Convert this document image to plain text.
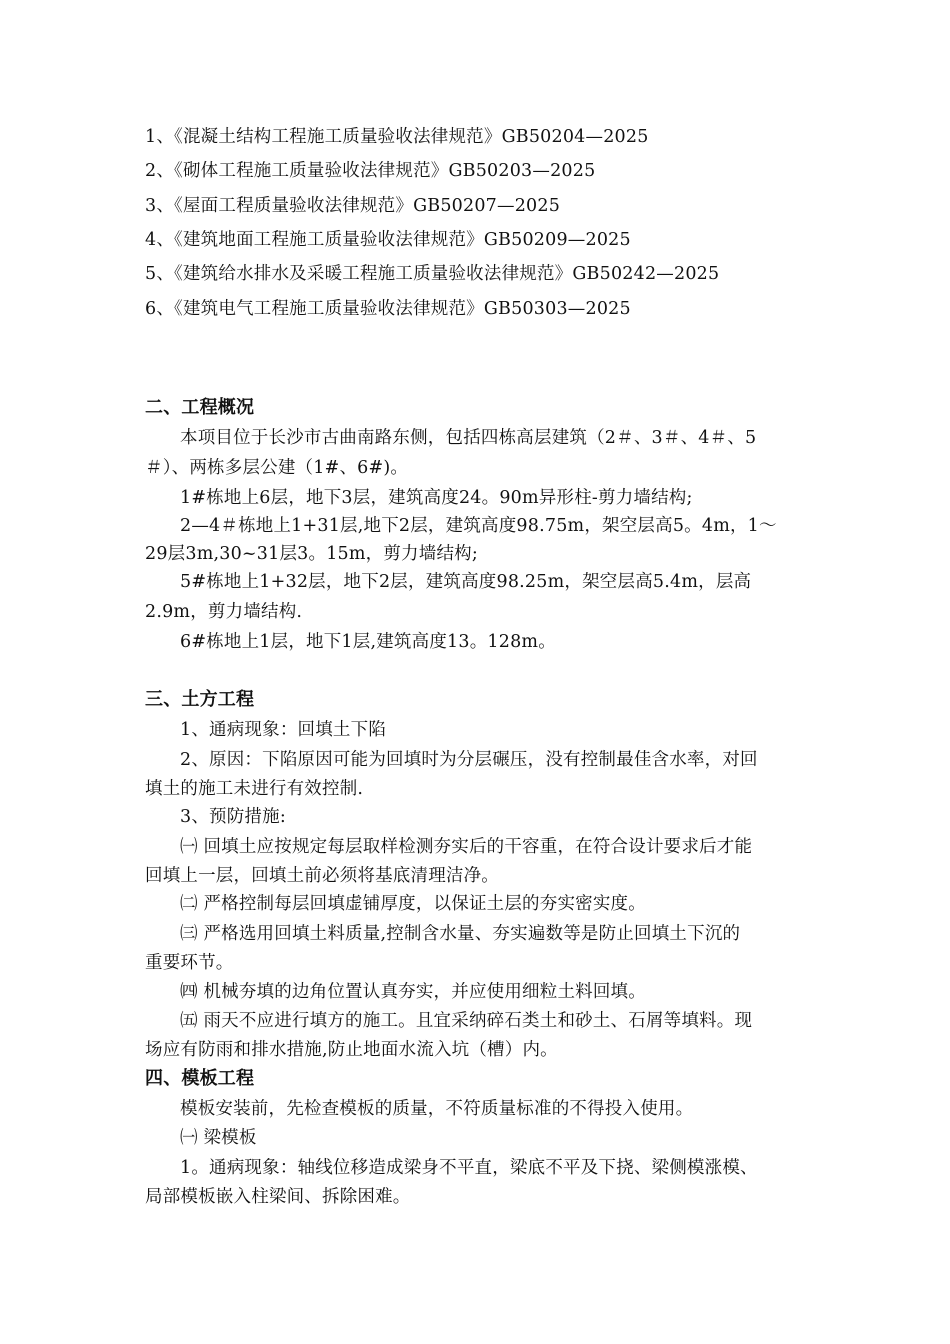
1、《混凝土结构工程施工质量验收法律规范》GB50204—2025
2、《砌体工程施工质量验收法律规范》GB50203—2025
3、《屋面工程质量验收法律规范》GB50207—2025
4、《建筑地面工程施工质量验收法律规范》GB50209—2025
5、《建筑给水排水及采暖工程施工质量验收法律规范》GB50242—2025
6、《建筑电气工程施工质量验收法律规范》GB50303—2025
二、工程概况
本项目位于长沙市古曲南路东侧，包括四栋高层建筑（2＃、3＃、4＃、5
＃）、两栋多层公建（1#、6#)。
1#栋地上6层，地下3层，建筑高度24。90m异形柱-剪力墙结构;
2—4＃栋地上1+31层,地下2层，建筑高度98.75m，架空层高5。4m，1～
29层3m,30~31层3。15m，剪力墙结构;
5#栋地上1+32层，地下2层，建筑高度98.25m，架空层高5.4m，层高
2.9m，剪力墙结构.
6#栋地上1层，地下1层,建筑高度13。128m。
三、土方工程
1、通病现象：回填土下陷
2、原因：下陷原因可能为回填时为分层碾压，没有控制最佳含水率，对回
填土的施工未进行有效控制.
3、预防措施:
㈠ 回填土应按规定每层取样检测夯实后的干容重，在符合设计要求后才能
回填上一层，回填土前必须将基底清理洁净。
㈡ 严格控制每层回填虚铺厚度，以保证土层的夯实密实度。
㈢ 严格选用回填土料质量,控制含水量、夯实遍数等是防止回填土下沉的
重要环节。
㈣ 机械夯填的边角位置认真夯实，并应使用细粒土料回填。
㈤ 雨天不应进行填方的施工。且宜采纳碎石类土和砂土、石屑等填料。现
场应有防雨和排水措施,防止地面水流入坑（槽）内。
四、模板工程
模板安装前，先检查模板的质量，不符质量标准的不得投入使用。
㈠ 梁模板
1。通病现象：轴线位移造成梁身不平直，梁底不平及下挠、梁侧模涨模、
局部模板嵌入柱梁间、拆除困难。
